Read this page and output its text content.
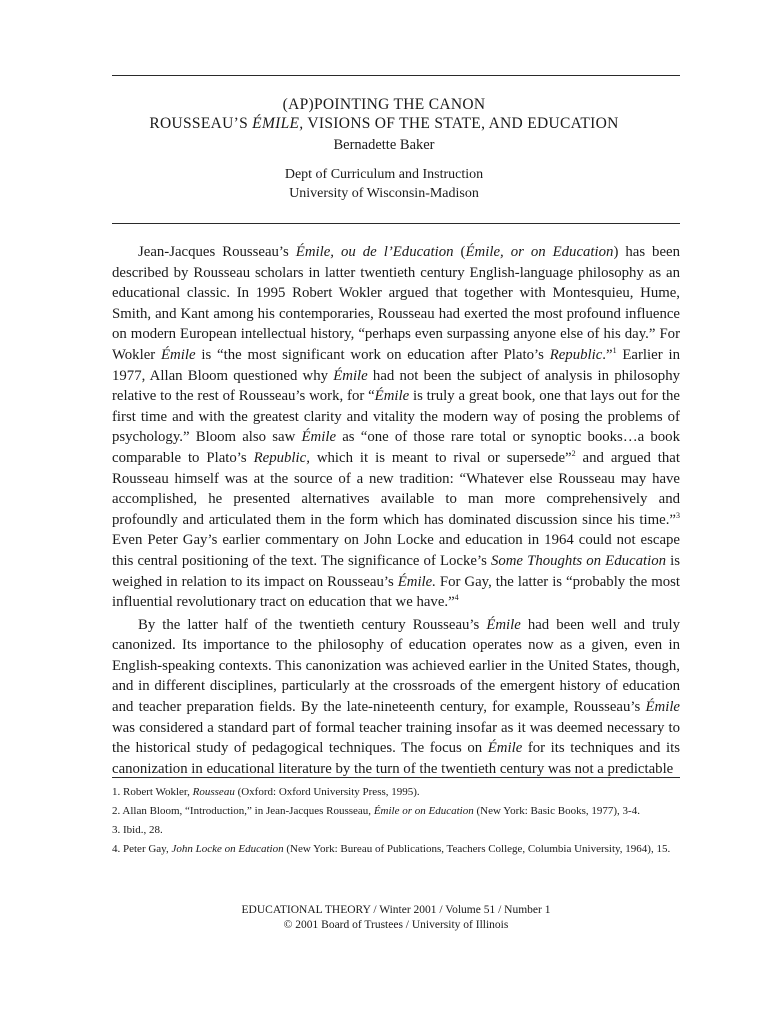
(AP)POINTING THE CANON
ROUSSEAU’S ÉMILE, VISIONS OF THE STATE, AND EDUCATION
Bernadette Baker
Dept of Curriculum and Instruction
University of Wisconsin-Madison

Jean-Jacques Rousseau’s Émile, ou de l’Education (Émile, or on Education) has been described by Rousseau scholars in latter twentieth century English-language philosophy as an educational classic. In 1995 Robert Wokler argued that together with Montesquieu, Hume, Smith, and Kant among his contemporaries, Rousseau had exerted the most profound influence on modern European intellectual history, “perhaps even surpassing anyone else of his day.” For Wokler Émile is “the most significant work on education after Plato’s Republic.”$^1$ Earlier in 1977, Allan Bloom questioned why Émile had not been the subject of analysis in philosophy relative to the rest of Rousseau’s work, for “Émile is truly a great book, one that lays out for the first time and with the greatest clarity and vitality the modern way of posing the problems of psychology.” Bloom also saw Émile as “one of those rare total or synoptic books…a book comparable to Plato’s Republic, which it is meant to rival or supersede”$^2$ and argued that Rousseau himself was at the source of a new tradition: “Whatever else Rousseau may have accomplished, he presented alternatives available to man more comprehensively and profoundly and articulated them in the form which has dominated discussion since his time.”$^3$ Even Peter Gay’s earlier commentary on John Locke and education in 1964 could not escape this central positioning of the text. The significance of Locke’s Some Thoughts on Education is weighed in relation to its impact on Rousseau’s Émile. For Gay, the latter is “probably the most influential revolutionary tract on education that we have.”$^4$

By the latter half of the twentieth century Rousseau’s Émile had been well and truly canonized. Its importance to the philosophy of education operates now as a given, even in English-speaking contexts. This canonization was achieved earlier in the United States, though, and in different disciplines, particularly at the crossroads of the emergent history of education and teacher preparation fields. By the late-nineteenth century, for example, Rousseau’s Émile was considered a standard part of formal teacher training insofar as it was deemed necessary to the historical study of pedagogical techniques. The focus on Émile for its techniques and its canonization in educational literature by the turn of the twentieth century was not a predictable

1. Robert Wokler, Rousseau (Oxford: Oxford University Press, 1995).
2. Allan Bloom, “Introduction,” in Jean-Jacques Rousseau, Émile or on Education (New York: Basic Books, 1977), 3-4.
3. Ibid., 28.
4. Peter Gay, John Locke on Education (New York: Bureau of Publications, Teachers College, Columbia University, 1964), 15.
EDUCATIONAL THEORY / Winter 2001 / Volume 51 / Number 1
© 2001 Board of Trustees / University of Illinois
